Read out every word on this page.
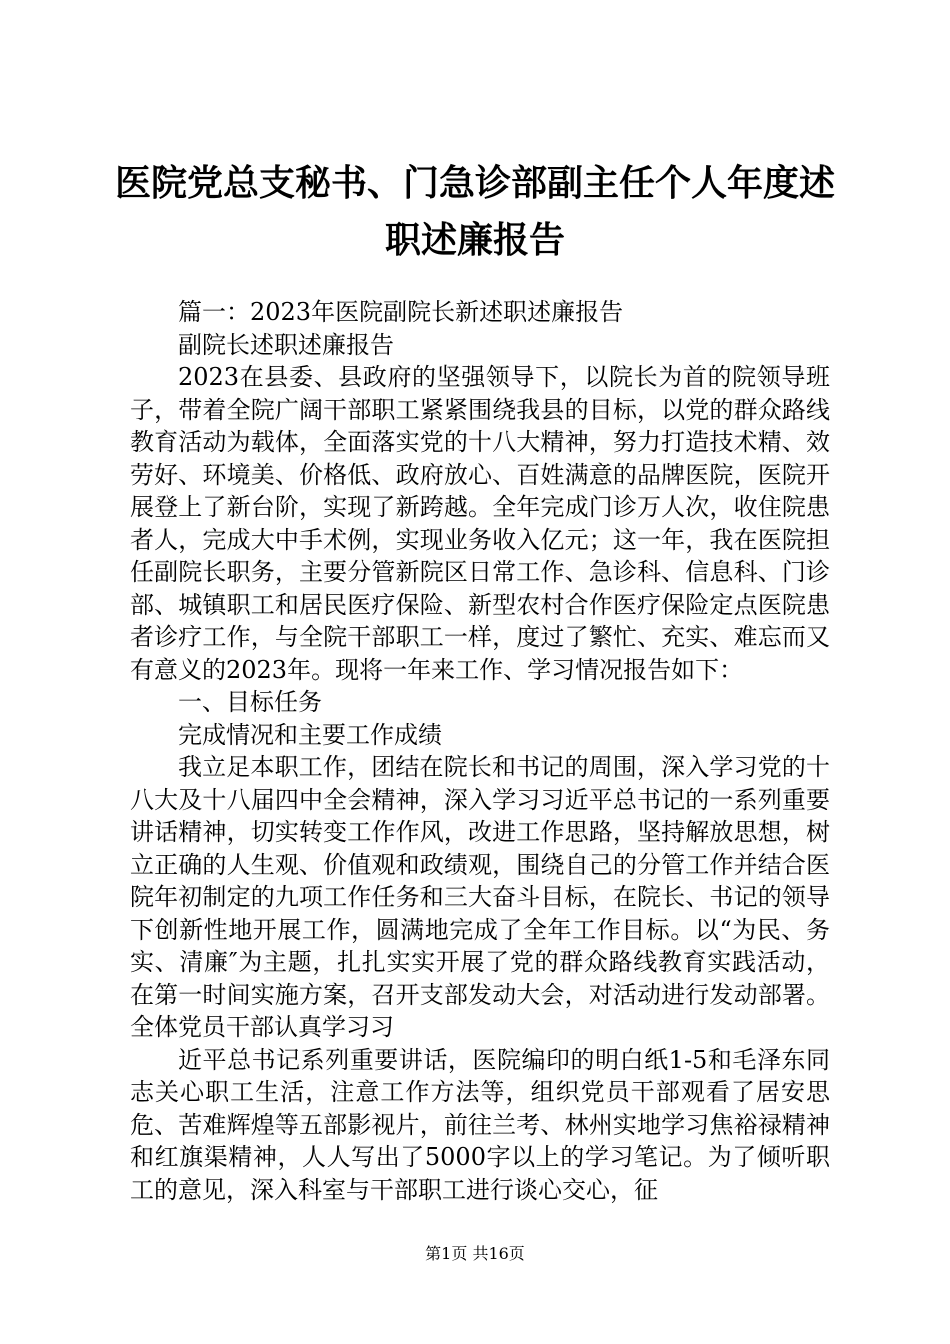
医院党总支秘书、门急诊部副主任个人年度述
职述廉报告

篇一：2023年医院副院长新述职述廉报告

副院长述职述廉报告

2023在县委、县政府的坚强领导下，以院长为首的院领导班子，带着全院广阔干部职工紧紧围绕我县的目标，以党的群众路线教育活动为载体，全面落实党的十八大精神，努力打造技术精、效劳好、环境美、价格低、政府放心、百姓满意的品牌医院，医院开展登上了新台阶，实现了新跨越。全年完成门诊万人次，收住院患者人，完成大中手术例，实现业务收入亿元；这一年，我在医院担任副院长职务，主要分管新院区日常工作、急诊科、信息科、门诊部、城镇职工和居民医疗保险、新型农村合作医疗保险定点医院患者诊疗工作，与全院干部职工一样，度过了繁忙、充实、难忘而又有意义的2023年。现将一年来工作、学习情况报告如下：

一、目标任务

完成情况和主要工作成绩

我立足本职工作，团结在院长和书记的周围，深入学习党的十八大及十八届四中全会精神，深入学习习近平总书记的一系列重要讲话精神，切实转变工作作风，改进工作思路，坚持解放思想，树立正确的人生观、价值观和政绩观，围绕自己的分管工作并结合医院年初制定的九项工作任务和三大奋斗目标，在院长、书记的领导下创新性地开展工作，圆满地完成了全年工作目标。以“为民、务实、清廉″为主题，扎扎实实开展了党的群众路线教育实践活动，在第一时间实施方案，召开支部发动大会，对活动进行发动部署。全体党员干部认真学习习

近平总书记系列重要讲话，医院编印的明白纸1-5和毛泽东同志关心职工生活，注意工作方法等，组织党员干部观看了居安思危、苦难辉煌等五部影视片，前往兰考、林州实地学习焦裕禄精神和红旗渠精神，人人写出了5000字以上的学习笔记。为了倾听职工的意见，深入科室与干部职工进行谈心交心，征

第1页 共16页
